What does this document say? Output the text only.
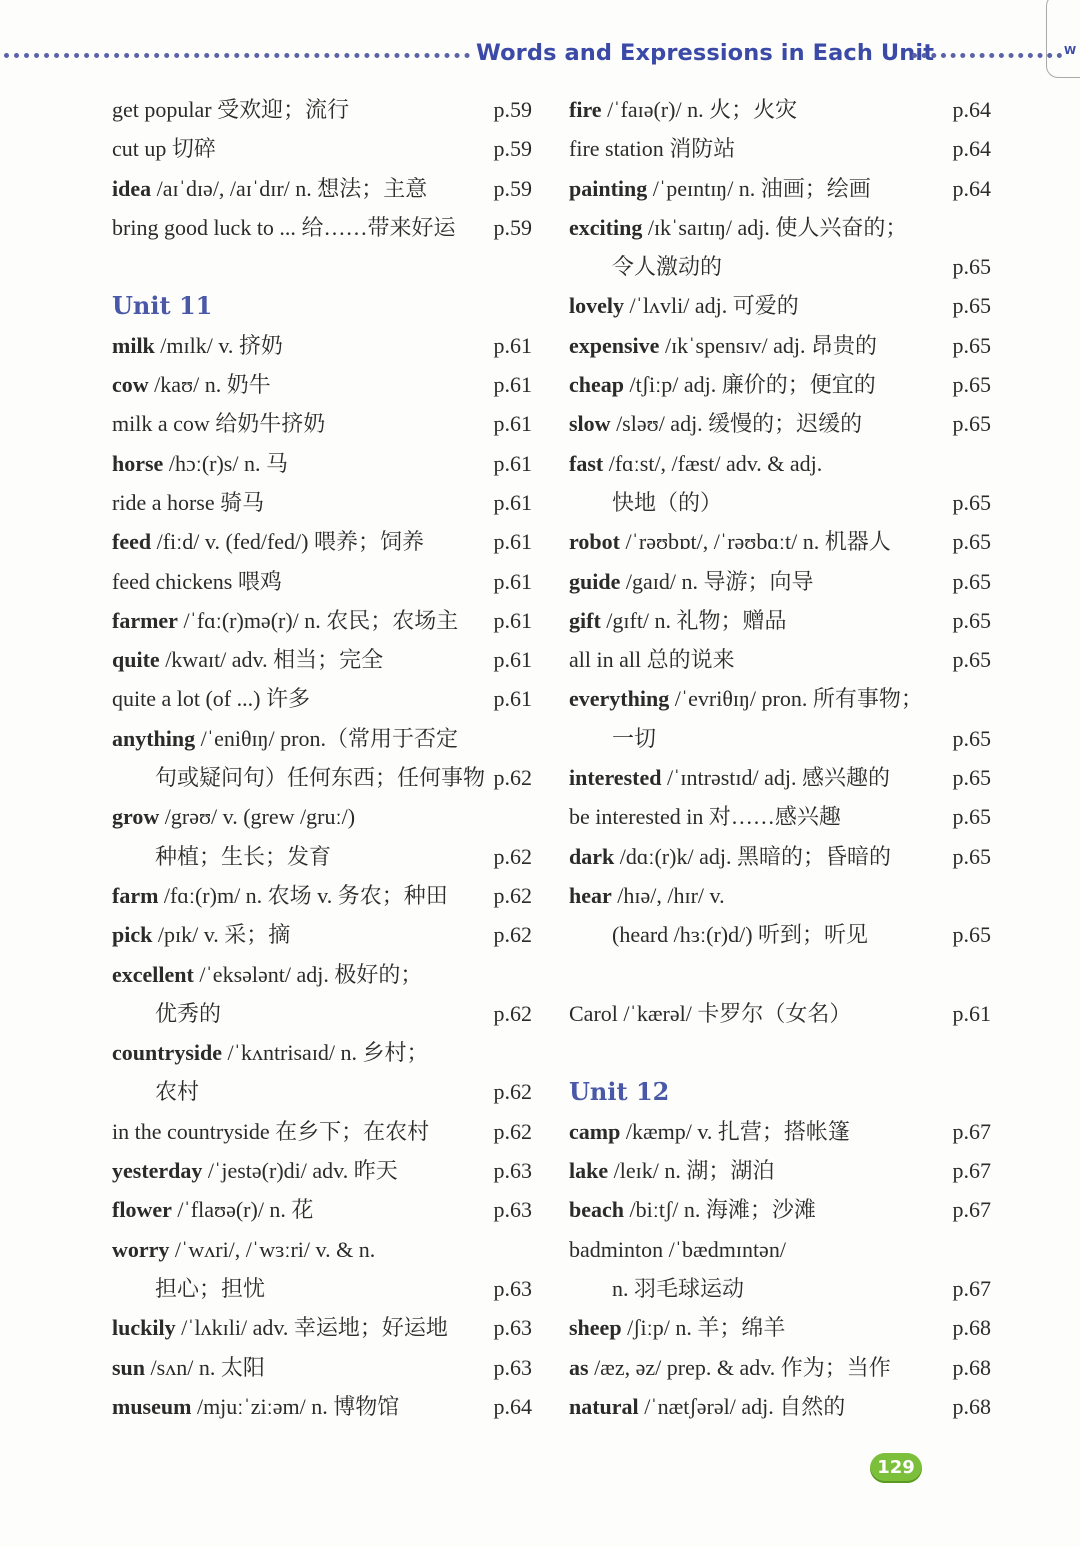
Words and Expressions in Each Unit	W
get popular 受欢迎；流行	p.59
cut up 切碎	p.59
idea /aɪˈdɪə/, /aɪˈdɪr/ n. 想法；主意	p.59
bring good luck to ... 给……带来好运 p.59
Unit 11
milk /mɪlk/ v. 挤奶	p.61
cow /kaʊ/ n. 奶牛	p.61
milk a cow 给奶牛挤奶	p.61
horse /hɔː(r)s/ n. 马	p.61
ride a horse 骑马	p.61
feed /fiːd/ v. (fed/fed/) 喂养；饲养	p.61
feed chickens 喂鸡	p.61
farmer /ˈfɑː(r)mə(r)/ n. 农民；农场主 p.61
quite /kwaɪt/ adv. 相当；完全	p.61
quite a lot (of ...) 许多	p.61
anything /ˈeniθɪŋ/ pron.（常用于否定
句或疑问句）任何东西；任何事物 p.62
grow /grəʊ/ v. (grew /gruː/)
种植；生长；发育	p.62
farm /fɑː(r)m/ n. 农场 v. 务农；种田 p.62
pick /pɪk/ v. 采；摘	p.62
excellent /ˈeksələnt/ adj. 极好的；
优秀的	p.62
countryside /ˈkʌntrisaɪd/ n. 乡村；
农村	p.62
in the countryside 在乡下；在农村	p.62
yesterday /ˈjestə(r)di/ adv. 昨天	p.63
flower /ˈflaʊə(r)/ n. 花	p.63
worry /ˈwʌri/, /ˈwɜːri/ v. & n.
担心；担忧	p.63
luckily /ˈlʌkɪli/ adv. 幸运地；好运地 p.63
sun /sʌn/ n. 太阳	p.63
museum /mjuːˈziːəm/ n. 博物馆	p.64
fire /ˈfaɪə(r)/ n. 火；火灾	p.64
fire station 消防站	p.64
painting /ˈpeɪntɪŋ/ n. 油画；绘画	p.64
exciting /ɪkˈsaɪtɪŋ/ adj. 使人兴奋的；
令人激动的	p.65
lovely /ˈlʌvli/ adj. 可爱的	p.65
expensive /ɪkˈspensɪv/ adj. 昂贵的	p.65
cheap /tʃiːp/ adj. 廉价的；便宜的	p.65
slow /sləʊ/ adj. 缓慢的；迟缓的	p.65
fast /fɑːst/, /fæst/ adv. & adj.
快地（的）	p.65
robot /ˈrəʊbɒt/, /ˈrəʊbɑːt/ n. 机器人	p.65
guide /gaɪd/ n. 导游；向导	p.65
gift /gɪft/ n. 礼物；赠品	p.65
all in all 总的说来	p.65
everything /ˈevriθɪŋ/ pron. 所有事物；
一切	p.65
interested /ˈɪntrəstɪd/ adj. 感兴趣的	p.65
be interested in 对……感兴趣	p.65
dark /dɑː(r)k/ adj. 黑暗的；昏暗的	p.65
hear /hɪə/, /hɪr/ v.
(heard /hɜː(r)d/) 听到；听见	p.65
Carol /ˈkærəl/ 卡罗尔（女名）	p.61
Unit 12
camp /kæmp/ v. 扎营；搭帐篷	p.67
lake /leɪk/ n. 湖；湖泊	p.67
beach /biːtʃ/ n. 海滩；沙滩	p.67
badminton /ˈbædmɪntən/
n. 羽毛球运动	p.67
sheep /ʃiːp/ n. 羊；绵羊	p.68
as /æz, əz/ prep. & adv. 作为；当作	p.68
natural /ˈnætʃərəl/ adj. 自然的	p.68
129
